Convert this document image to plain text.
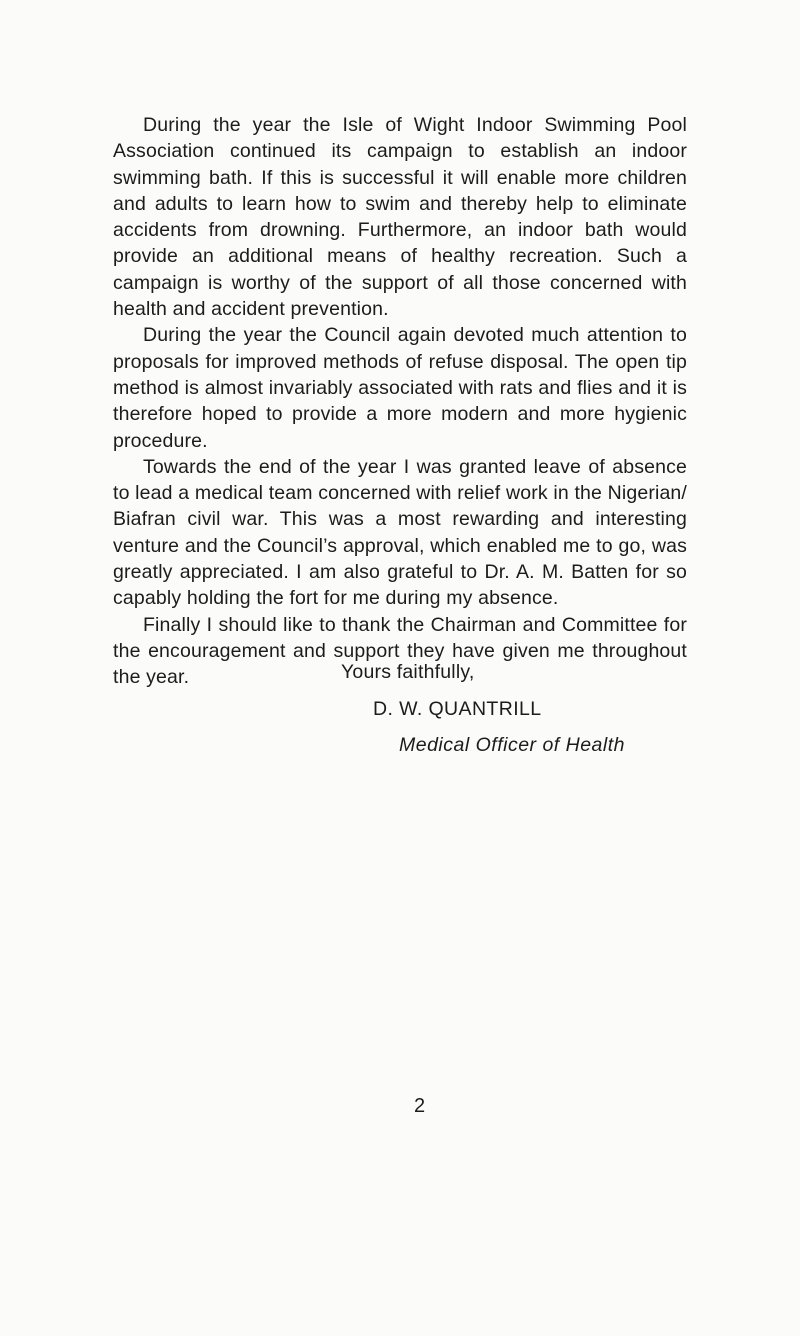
During the year the Isle of Wight Indoor Swimming Pool Association continued its campaign to establish an indoor swimming bath. If this is successful it will enable more children and adults to learn how to swim and thereby help to eliminate accidents from drowning. Furthermore, an indoor bath would provide an additional means of healthy recreation. Such a campaign is worthy of the support of all those concerned with health and accident prevention.

During the year the Council again devoted much attention to proposals for improved methods of refuse disposal. The open tip method is almost invariably associated with rats and flies and it is therefore hoped to provide a more modern and more hygienic procedure.

Towards the end of the year I was granted leave of absence to lead a medical team concerned with relief work in the Nigerian/ Biafran civil war. This was a most rewarding and interesting venture and the Council’s approval, which enabled me to go, was greatly appreciated. I am also grateful to Dr. A. M. Batten for so capably holding the fort for me during my absence.

Finally I should like to thank the Chairman and Committee for the encouragement and support they have given me throughout the year.	Yours faithfully,
D. W. QUANTRILL
Medical Officer of Health
2
